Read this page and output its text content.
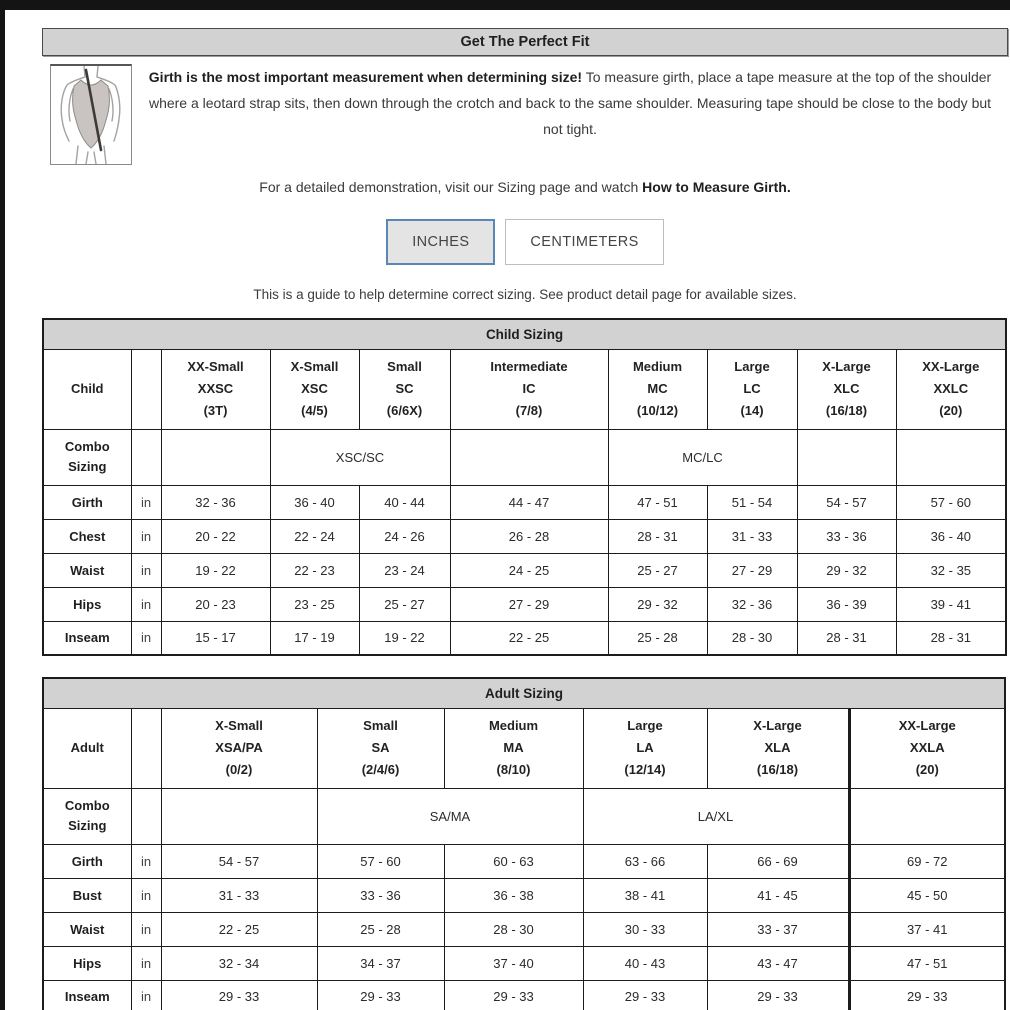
Get The Perfect Fit
Girth is the most important measurement when determining size! To measure girth, place a tape measure at the top of the shoulder where a leotard strap sits, then down through the crotch and back to the same shoulder. Measuring tape should be close to the body but not tight.
For a detailed demonstration, visit our Sizing page and watch How to Measure Girth.
INCHES	CENTIMETERS
This is a guide to help determine correct sizing. See product detail page for available sizes.
Child Sizing									
Child		XX-Small
XXSC
(3T)	X-Small
XSC
(4/5)	Small
SC
(6/6X)	Intermediate
IC
(7/8)	Medium
MC
(10/12)	Large
LC
(14)	X-Large
XLC
(16/18)	XX-Large
XXLC
(20)
Combo
Sizing			XSC/SC			MC/LC			
Girth	in	32 - 36	36 - 40	40 - 44	44 - 47	47 - 51	51 - 54	54 - 57	57 - 60
Chest	in	20 - 22	22 - 24	24 - 26	26 - 28	28 - 31	31 - 33	33 - 36	36 - 40
Waist	in	19 - 22	22 - 23	23 - 24	24 - 25	25 - 27	27 - 29	29 - 32	32 - 35
Hips	in	20 - 23	23 - 25	25 - 27	27 - 29	29 - 32	32 - 36	36 - 39	39 - 41
Inseam	in	15 - 17	17 - 19	19 - 22	22 - 25	25 - 28	28 - 30	28 - 31	28 - 31
Adult Sizing							
Adult		X-Small
XSA/PA
(0/2)	Small
SA
(2/4/6)	Medium
MA
(8/10)	Large
LA
(12/14)	X-Large
XLA
(16/18)	XX-Large
XXLA
(20)
Combo
Sizing			SA/MA		LA/XL		
Girth	in	54 - 57	57 - 60	60 - 63	63 - 66	66 - 69	69 - 72
Bust	in	31 - 33	33 - 36	36 - 38	38 - 41	41 - 45	45 - 50
Waist	in	22 - 25	25 - 28	28 - 30	30 - 33	33 - 37	37 - 41
Hips	in	32 - 34	34 - 37	37 - 40	40 - 43	43 - 47	47 - 51
Inseam	in	29 - 33	29 - 33	29 - 33	29 - 33	29 - 33	29 - 33
